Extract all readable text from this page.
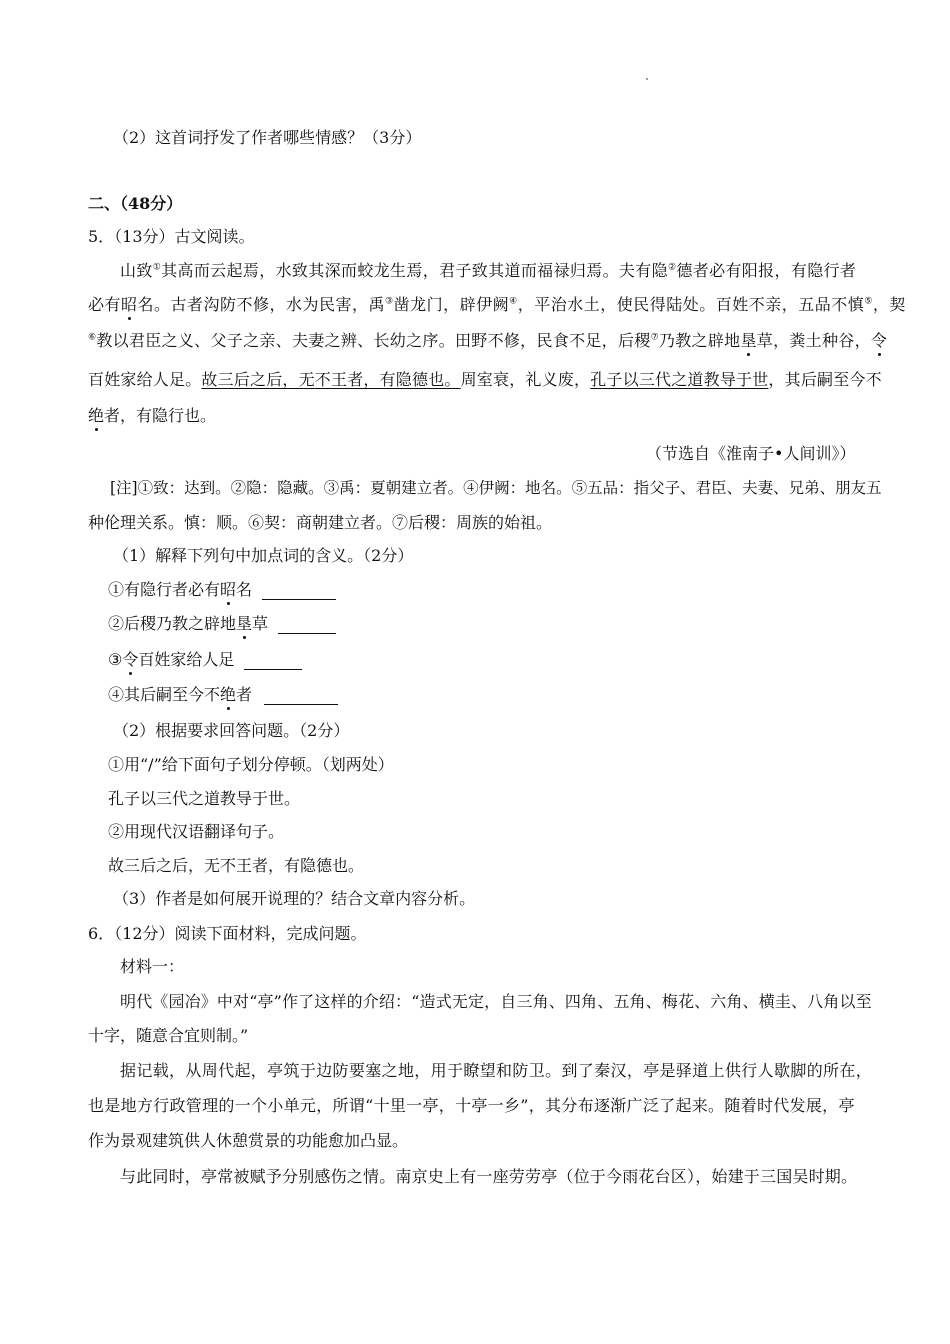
（2）这首词抒发了作者哪些情感？（3分）
二、（48分）
5．（13分）古文阅读。
山致①其高而云起焉，水致其深而蛟龙生焉，君子致其道而福禄归焉。夫有隐②德者必有阳报，有隐行者
必有昭名。古者沟防不修，水为民害，禹③凿龙门，辟伊阙④，平治水土，使民得陆处。百姓不亲，五品不慎⑤，契
⑥教以君臣之义、父子之亲、夫妻之辨、长幼之序。田野不修，民食不足，后稷⑦乃教之辟地垦草，粪土种谷，令
百姓家给人足。故三后之后，无不王者，有隐德也。周室衰，礼义废，孔子以三代之道教导于世，其后嗣至今不
绝者，有隐行也。
（节选自《淮南子•人间训》）
[注]①致：达到。②隐：隐藏。③禹：夏朝建立者。④伊阙：地名。⑤五品：指父子、君臣、夫妻、兄弟、朋友五
种伦理关系。慎：顺。⑥契：商朝建立者。⑦后稷：周族的始祖。
（1）解释下列句中加点词的含义。（2分）
①有隐行者必有昭名
②后稷乃教之辟地垦草
③令百姓家给人足
④其后嗣至今不绝者
（2）根据要求回答问题。（2分）
①用“/”给下面句子划分停顿。（划两处）
孔子以三代之道教导于世。
②用现代汉语翻译句子。
故三后之后，无不王者，有隐德也。
（3）作者是如何展开说理的？结合文章内容分析。
6．（12分）阅读下面材料，完成问题。
材料一：
明代《园冶》中对“亭”作了这样的介绍：“造式无定，自三角、四角、五角、梅花、六角、横圭、八角以至
十字，随意合宜则制。”
据记载，从周代起，亭筑于边防要塞之地，用于瞭望和防卫。到了秦汉，亭是驿道上供行人歇脚的所在，
也是地方行政管理的一个小单元，所谓“十里一亭，十亭一乡”，其分布逐渐广泛了起来。随着时代发展，亭
作为景观建筑供人休憩赏景的功能愈加凸显。
与此同时，亭常被赋予分别感伤之情。南京史上有一座劳劳亭（位于今雨花台区），始建于三国吴时期。
